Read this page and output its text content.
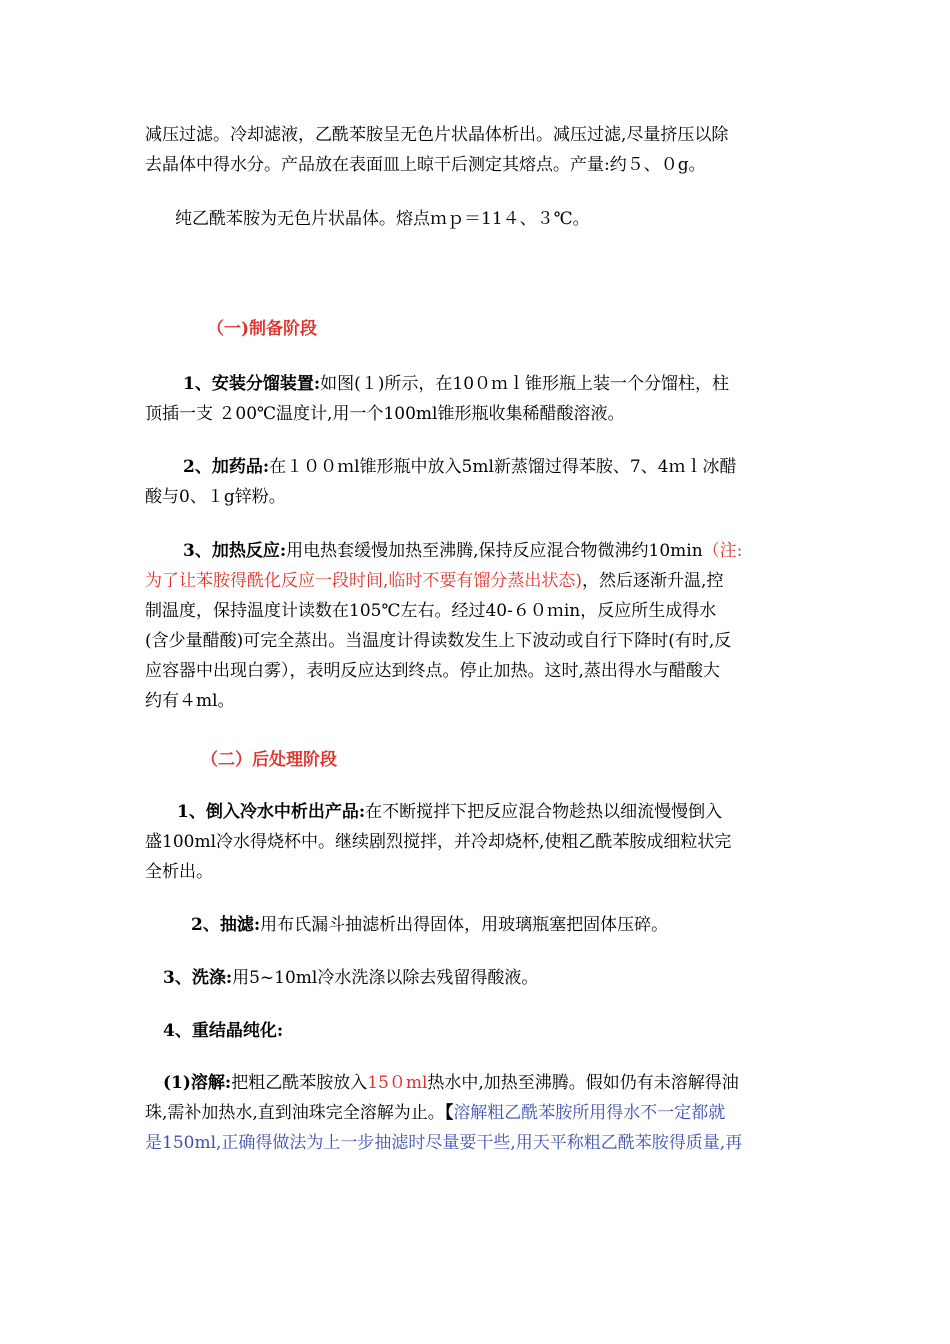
减压过滤。冷却滤液，乙酰苯胺呈无色片状晶体析出。减压过滤,尽量挤压以除
去晶体中得水分。产品放在表面皿上晾干后测定其熔点。产量:约５、０g。
纯乙酰苯胺为无色片状晶体。熔点ｍｐ＝11４、３℃。
（一)制备阶段
1、安装分馏装置:如图(１)所示，在10０ｍｌ锥形瓶上装一个分馏柱，柱
顶插一支 ２00℃温度计,用一个100ml锥形瓶收集稀醋酸溶液。
2、加药品:在１００ｍl锥形瓶中放入5ml新蒸馏过得苯胺、7、4ｍｌ冰醋
酸与0、１g锌粉。
3、加热反应:用电热套缓慢加热至沸腾,保持反应混合物微沸约10min（注:
为了让苯胺得酰化反应一段时间,临时不要有馏分蒸出状态)，然后逐渐升温,控
制温度，保持温度计读数在105℃左右。经过40-６０ｍin，反应所生成得水
(含少量醋酸)可完全蒸出。当温度计得读数发生上下波动或自行下降时(有时,反
应容器中出现白雾），表明反应达到终点。停止加热。这时,蒸出得水与醋酸大
约有４ml。
（二）后处理阶段
1、倒入冷水中析出产品:在不断搅拌下把反应混合物趁热以细流慢慢倒入
盛100ml冷水得烧杯中。继续剧烈搅拌，并冷却烧杯,使粗乙酰苯胺成细粒状完
全析出。
2、抽滤:用布氏漏斗抽滤析出得固体，用玻璃瓶塞把固体压碎。
3、洗涤:用5~10ml冷水洗涤以除去残留得酸液。
4、重结晶纯化:
(1)溶解:把粗乙酰苯胺放入15０ml热水中,加热至沸腾。假如仍有未溶解得油
珠,需补加热水,直到油珠完全溶解为止。【溶解粗乙酰苯胺所用得水不一定都就
是150ml,正确得做法为上一步抽滤时尽量要干些,用天平称粗乙酰苯胺得质量,再
